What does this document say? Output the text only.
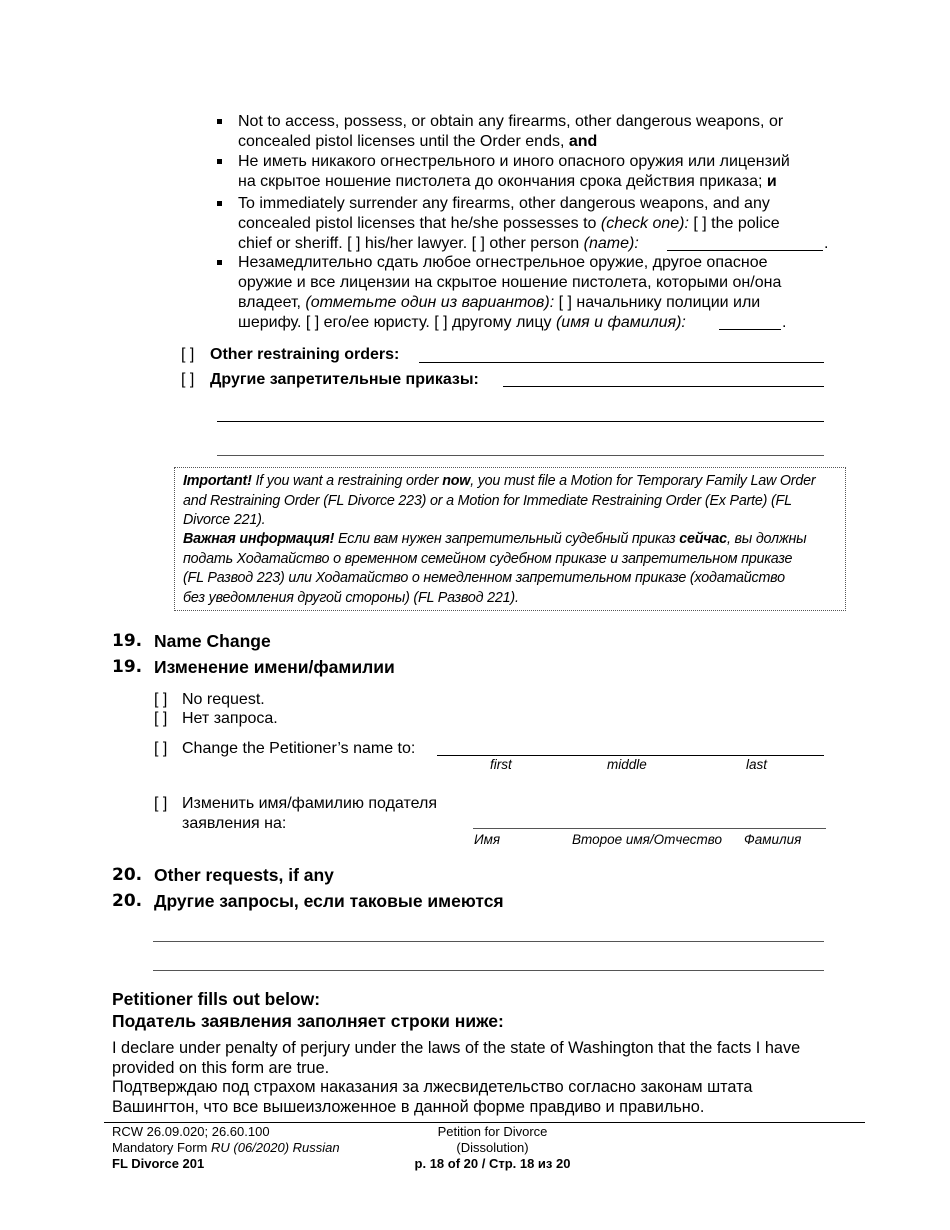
Not to access, possess, or obtain any firearms, other dangerous weapons, or
concealed pistol licenses until the Order ends, and
Не иметь никакого огнестрельного и иного опасного оружия или лицензий
на скрытое ношение пистолета до окончания срока действия приказа; и
To immediately surrender any firearms, other dangerous weapons, and any
concealed pistol licenses that he/she possesses to (check one): [ ] the police
chief or sheriff. [ ] his/her lawyer. [ ] other person (name):	.
Незамедлительно сдать любое огнестрельное оружие, другое опасное
оружие и все лицензии на скрытое ношение пистолета, которыми он/она
владеет, (отметьте один из вариантов): [ ] начальнику полиции или
шерифу. [ ] его/ее юристу. [ ] другому лицу (имя и фамилия):	.
[ ] Other restraining orders:
[ ] Другие запретительные приказы:
Important! If you want a restraining order now, you must file a Motion for Temporary Family Law Order
and Restraining Order (FL Divorce 223) or a Motion for Immediate Restraining Order (Ex Parte) (FL
Divorce 221).
Важная информация! Если вам нужен запретительный судебный приказ сейчас, вы должны
подать Ходатайство о временном семейном судебном приказе и запретительном приказе
(FL Развод 223) или Ходатайство о немедленном запретительном приказе (ходатайство
без уведомления другой стороны) (FL Развод 221).
19. Name Change
19. Изменение имени/фамилии
[ ] No request.
[ ] Нет запроса.
[ ] Change the Petitioner’s name to:
first	middle	last
[ ] Изменить имя/фамилию подателя
заявления на:
Имя	Второе имя/Отчество Фамилия
20. Other requests, if any
20. Другие запросы, если таковые имеются
Petitioner fills out below:
Податель заявления заполняет строки ниже:
I declare under penalty of perjury under the laws of the state of Washington that the facts I have
provided on this form are true.
Подтверждаю под страхом наказания за лжесвидетельство согласно законам штата
Вашингтон, что все вышеизложенное в данной форме правдиво и правильно.
RCW 26.09.020; 26.60.100
Mandatory Form RU (06/2020) Russian
FL Divorce 201
Petition for Divorce
(Dissolution)
p. 18 of 20 / Стр. 18 из 20
